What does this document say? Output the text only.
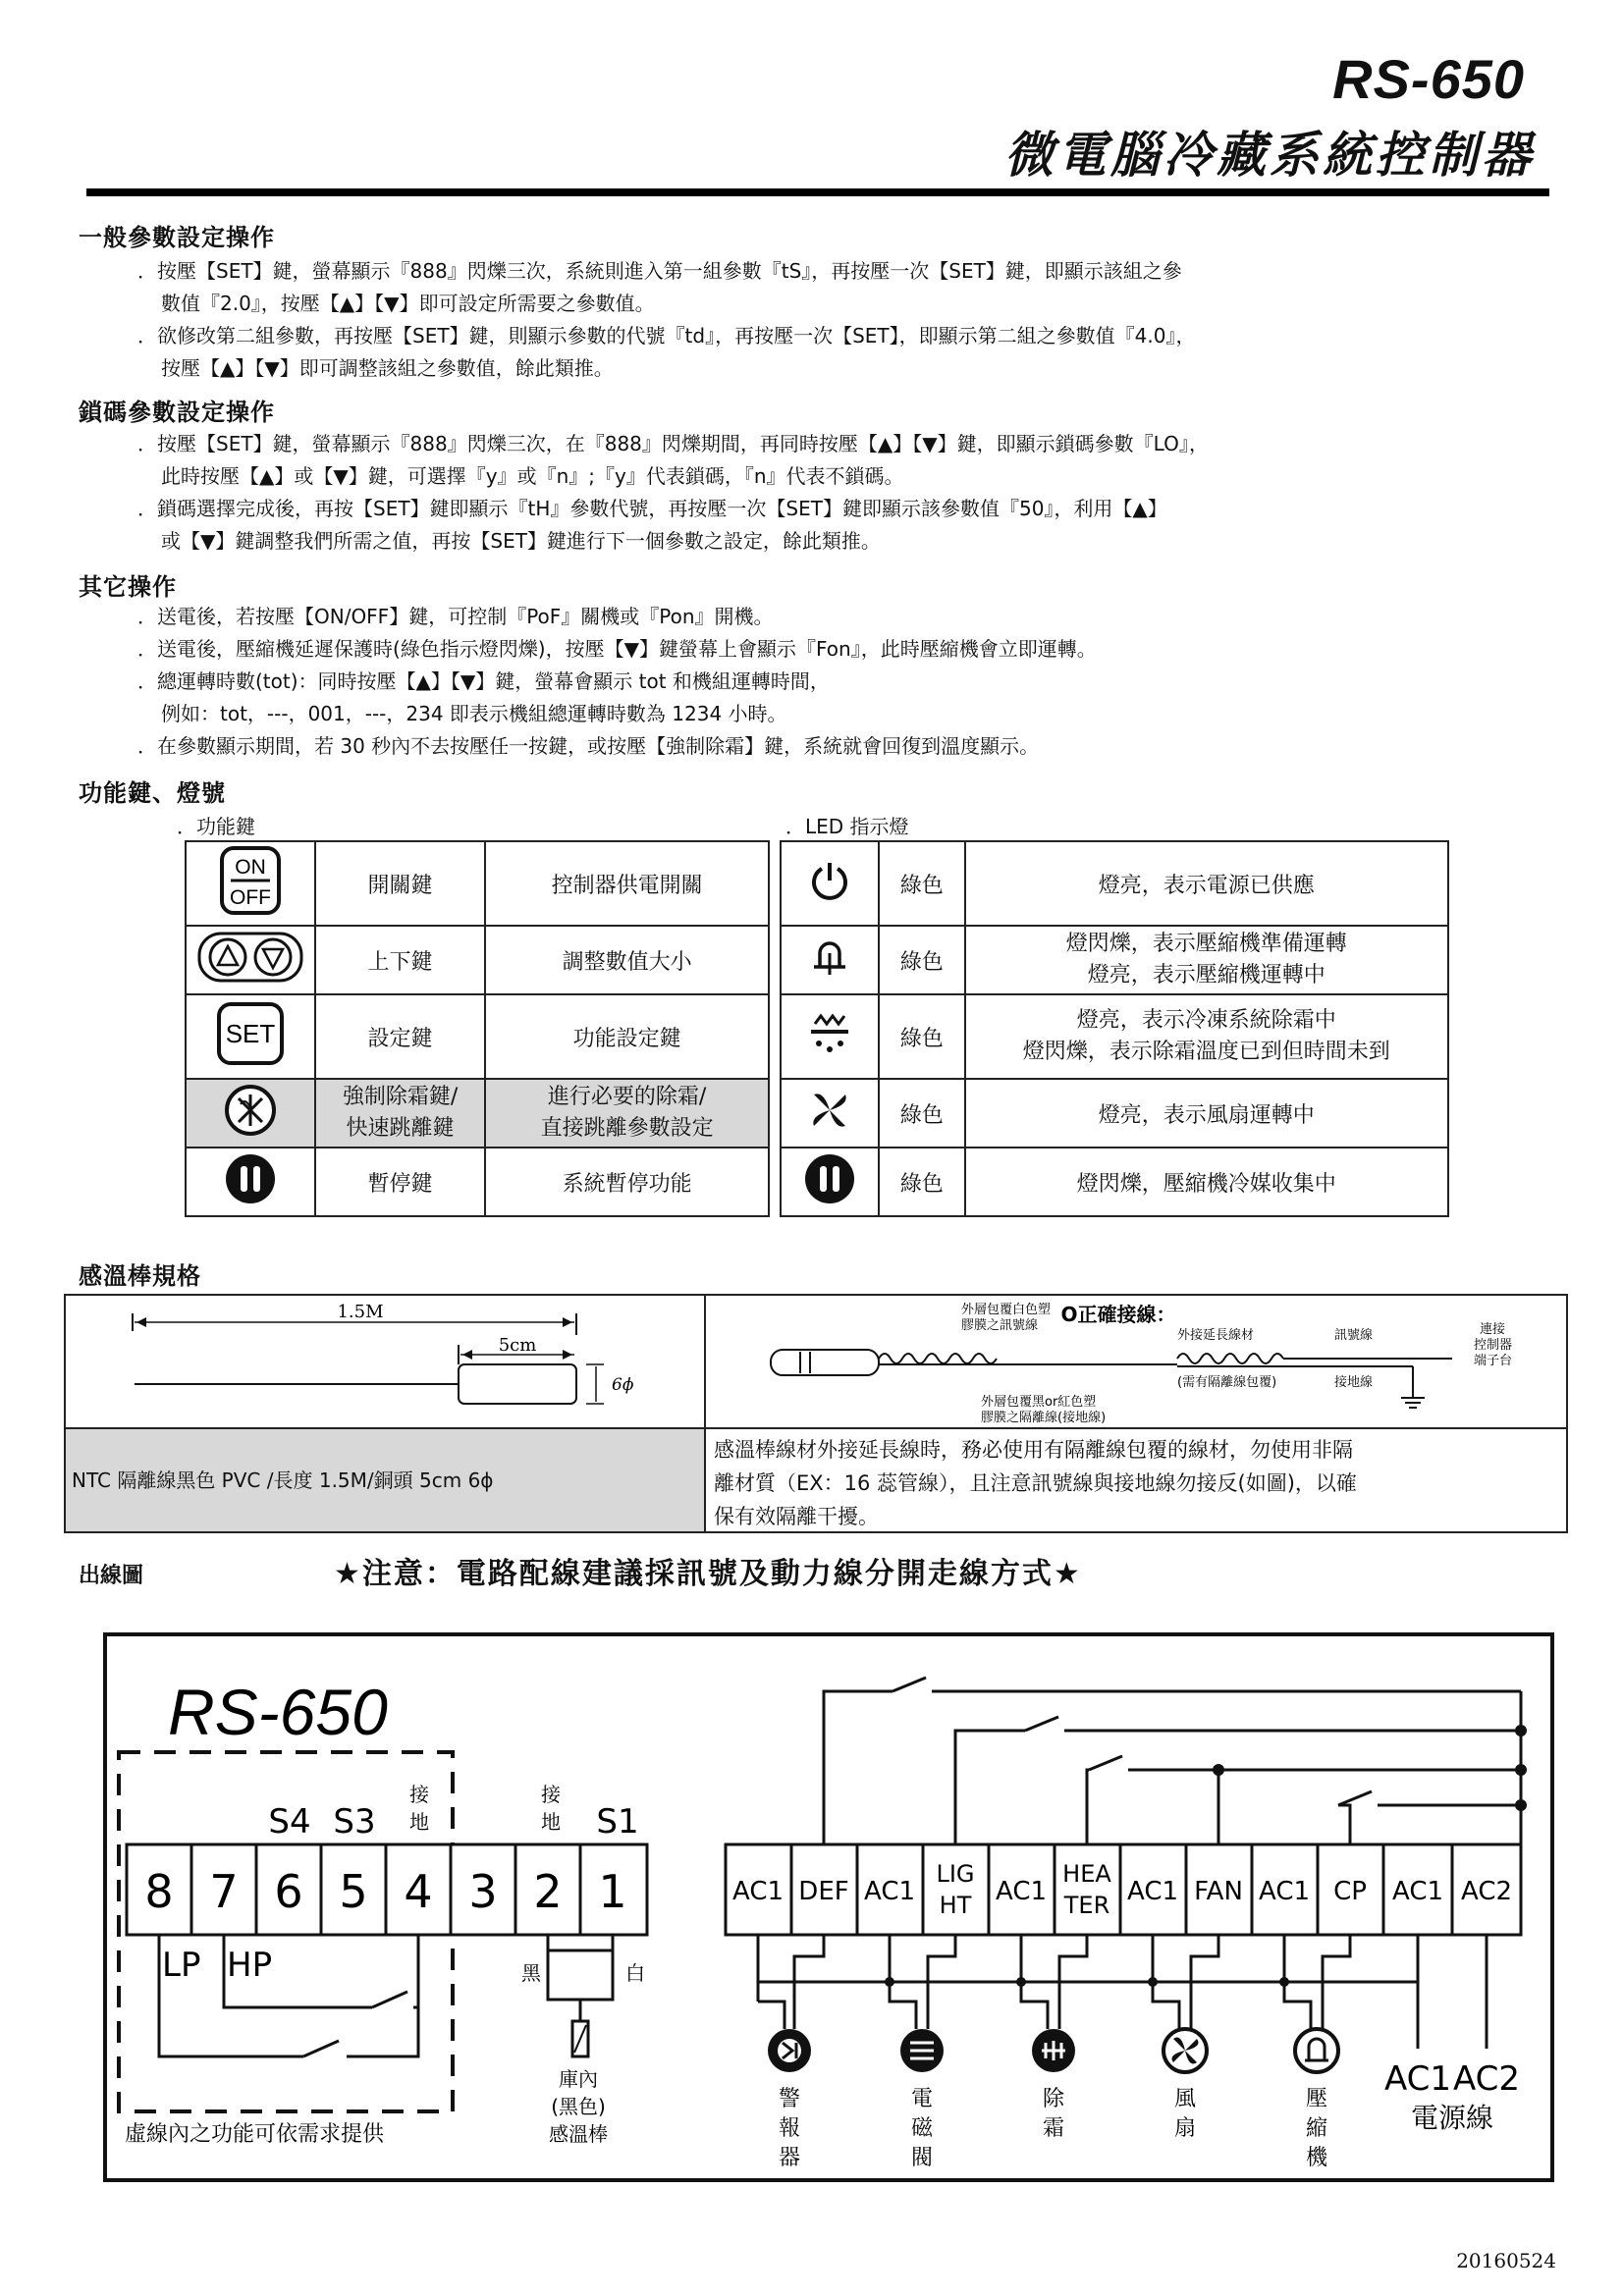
RS-650
微電腦冷藏系統控制器
一般參數設定操作
．按壓【SET】鍵，螢幕顯示『888』閃爍三次，系統則進入第一組參數『tS』，再按壓一次【SET】鍵，即顯示該組之參
數值『2.0』，按壓【▲】【▼】即可設定所需要之參數值。
．欲修改第二組參數，再按壓【SET】鍵，則顯示參數的代號『td』，再按壓一次【SET】，即顯示第二組之參數值『4.0』，
按壓【▲】【▼】即可調整該組之參數值，餘此類推。
鎖碼參數設定操作
．按壓【SET】鍵，螢幕顯示『888』閃爍三次，在『888』閃爍期間，再同時按壓【▲】【▼】鍵，即顯示鎖碼參數『LO』，
此時按壓【▲】或【▼】鍵，可選擇『y』或『n』;『y』代表鎖碼，『n』代表不鎖碼。
．鎖碼選擇完成後，再按【SET】鍵即顯示『tH』參數代號，再按壓一次【SET】鍵即顯示該參數值『50』，利用【▲】
或【▼】鍵調整我們所需之值，再按【SET】鍵進行下一個參數之設定，餘此類推。
其它操作
．送電後，若按壓【ON/OFF】鍵，可控制『PoF』關機或『Pon』開機。
．送電後，壓縮機延遲保護時(綠色指示燈閃爍)，按壓【▼】鍵螢幕上會顯示『Fon』，此時壓縮機會立即運轉。
．總運轉時數(tot)：同時按壓【▲】【▼】鍵，螢幕會顯示 tot 和機組運轉時間，
例如：tot，---，001，---，234 即表示機組總運轉時數為 1234 小時。
．在參數顯示期間，若 30 秒內不去按壓任一按鍵，或按壓【強制除霜】鍵，系統就會回復到溫度顯示。
功能鍵、燈號
．功能鍵	．LED 指示燈
ON
OFF	開關鍵	控制器供電開關

	上下鍵	調整數值大小

SET	設定鍵	功能設定鍵

	強制除霜鍵/
快速跳離鍵	進行必要的除霜/
直接跳離參數設定

	暫停鍵	系統暫停功能
	綠色	燈亮，表示電源已供應

	綠色	燈閃爍，表示壓縮機準備運轉
燈亮，表示壓縮機運轉中

	綠色	燈亮，表示冷凍系統除霜中
燈閃爍，表示除霜溫度已到但時間未到

	綠色	燈亮，表示風扇運轉中

	綠色	燈閃爍，壓縮機冷媒收集中
感溫棒規格
1.5M
5cm
6ϕ
O正確接線：
外層包覆白色塑
膠膜之訊號線
外接延長線材	訊號線	連接
控制器
端子台
(需有隔離線包覆)	接地線
外層包覆黑or紅色塑
膠膜之隔離線(接地線)
NTC 隔離線黑色 PVC /長度 1.5M/銅頭 5cm 6ϕ
感溫棒線材外接延長線時，務必使用有隔離線包覆的線材，勿使用非隔
離材質（EX：16 蕊管線），且注意訊號線與接地線勿接反(如圖)，以確
保有效隔離干擾。
出線圖	★注意：電路配線建議採訊號及動力線分開走線方式★
RS-650
S4 S3
接
地
接
地 S1
8 7 6 5 4 3 2 1
LP HP	黑	白
庫內
(黑色)
感溫棒
虛線內之功能可依需求提供
AC1 DEF AC1
LIG
HT AC1
HEA
TER AC1 FAN AC1 CP AC1 AC2
警
報
器
電
磁
閥
除
霜
風
扇
壓
縮
機
AC1 AC2
電源線
20160524
